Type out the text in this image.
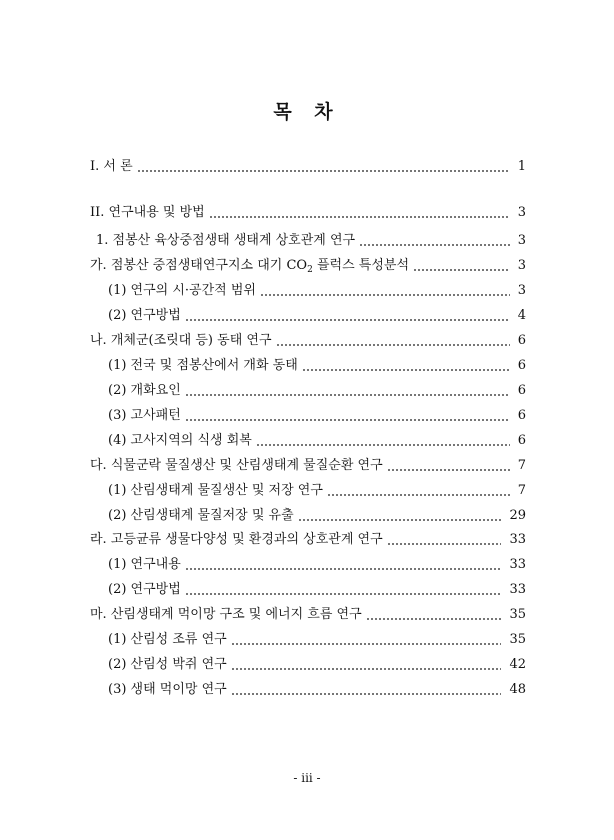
목 차
I. 서 론	1
II. 연구내용 및 방법	3
1. 점봉산 육상중점생태 생태계 상호관계 연구	3
가. 점봉산 중점생태연구지소 대기 $CO_2$ 플럭스 특성분석	3
(1) 연구의 시·공간적 범위	3
(2) 연구방법	4
나. 개체군(조릿대 등) 동태 연구	6
(1) 전국 및 점봉산에서 개화 동태	6
(2) 개화요인	6
(3) 고사패턴	6
(4) 고사지역의 식생 회복	6
다. 식물군락 물질생산 및 산림생태계 물질순환 연구	7
(1) 산림생태계 물질생산 및 저장 연구	7
(2) 산림생태계 물질저장 및 유출	29
라. 고등균류 생물다양성 및 환경과의 상호관계 연구	33
(1) 연구내용	33
(2) 연구방법	33
마. 산림생태계 먹이망 구조 및 에너지 흐름 연구	35
(1) 산림성 조류 연구	35
(2) 산림성 박쥐 연구	42
(3) 생태 먹이망 연구	48
- iii -
